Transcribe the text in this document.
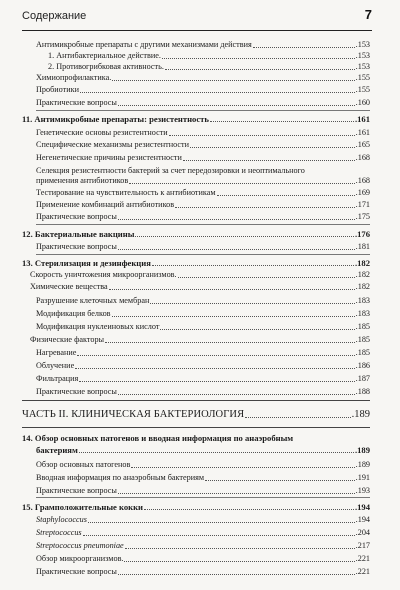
Содержание	7
Антимикробные препараты с другими механизмами действия	.153
1. Антибактериальное действие.	.153
2. Противогрибковая активность.	.153
Химиопрофилактика.	.155
Пробиотики	.155
Практические вопросы	.160
11. Антимикробные препараты: резистентность	.161
Генетические основы резистентности	.161
Специфические механизмы резистентности	.165
Негенетические причины резистентности	.168
Селекция резистентности бактерий за счет передозировки и неоптимального
применения антибиотиков	.168
Тестирование на чувствительность к антибиотикам	.169
Применение комбинаций антибиотиков	.171
Практические вопросы	.175
12. Бактериальные вакцины	.176
Практические вопросы	.181
13. Стерилизация и дезинфекция	.182
Скорость уничтожения микроорганизмов.	.182
Химические вещества	.182
Разрушение клеточных мембран	.183
Модификация белков	.183
Модификация нуклеиновых кислот	.185
Физические факторы	.185
Нагревание	.185
Облучение	.186
Фильтрация	.187
Практические вопросы	.188
ЧАСТЬ II. КЛИНИЧЕСКАЯ БАКТЕРИОЛОГИЯ	.189
14. Обзор основных патогенов и вводная информация по анаэробным
бактериям	.189
Обзор основных патогенов	.189
Вводная информация по анаэробным бактериям	.191
Практические вопросы	.193
15. Грамположительные кокки	.194
Staphylococcus	.194
Streptococcus	.204
Streptococcus pneumoniae	.217
Обзор микроорганизмов.	.221
Практические вопросы	.221
